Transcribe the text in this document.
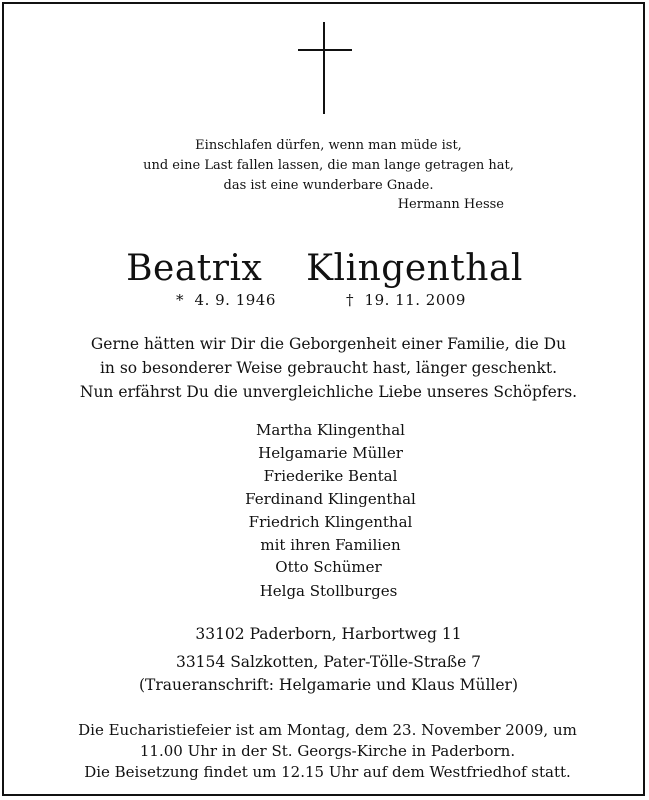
Einschlafen dürfen, wenn man müde ist,
und eine Last fallen lassen, die man lange getragen hat,
das ist eine wunderbare Gnade.
Hermann Hesse
Beatrix  Klingenthal
*  4. 9. 1946	†  19. 11. 2009
Gerne hätten wir Dir die Geborgenheit einer Familie, die Du
in so besonderer Weise gebraucht hast, länger geschenkt.
Nun erfährst Du die unvergleichliche Liebe unseres Schöpfers.
Martha Klingenthal
Helgamarie Müller
Friederike Bental
Ferdinand Klingenthal
Friedrich Klingenthal
mit ihren Familien
Otto Schümer
Helga Stollburges
33102 Paderborn, Harbortweg 11
33154 Salzkotten, Pater-Tölle-Straße 7
(Traueranschrift: Helgamarie und Klaus Müller)
Die Eucharistiefeier ist am Montag, dem 23. November 2009, um
11.00 Uhr in der St. Georgs-Kirche in Paderborn.
Die Beisetzung findet um 12.15 Uhr auf dem Westfriedhof statt.
